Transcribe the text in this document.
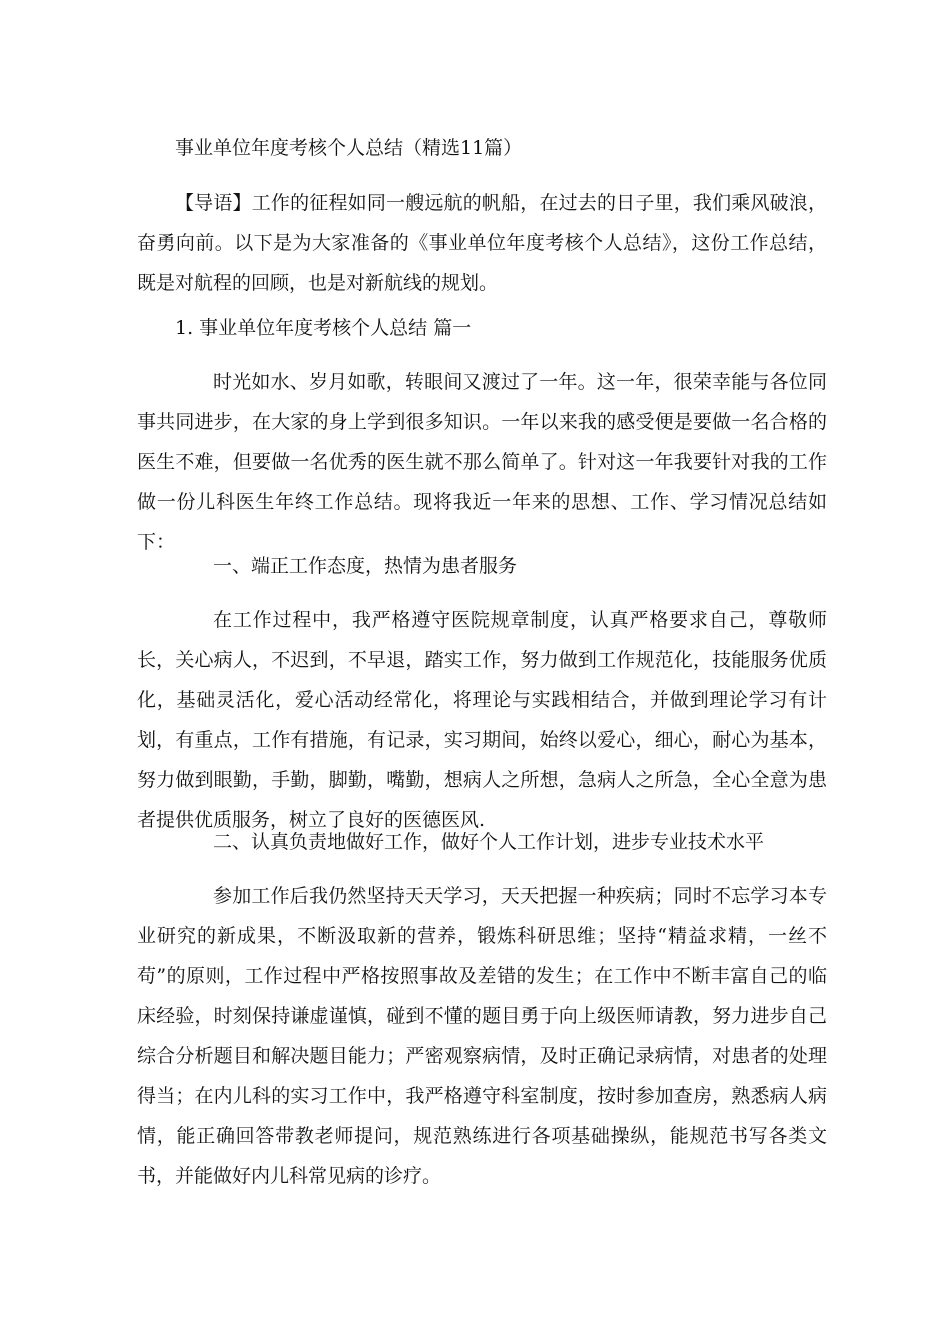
事业单位年度考核个人总结（精选11篇）

【导语】工作的征程如同一艘远航的帆船，在过去的日子里，我们乘风破浪，奋勇向前。以下是为大家准备的《事业单位年度考核个人总结》，这份工作总结，既是对航程的回顾，也是对新航线的规划。

1. 事业单位年度考核个人总结 篇一

时光如水、岁月如歌，转眼间又渡过了一年。这一年，很荣幸能与各位同事共同进步，在大家的身上学到很多知识。一年以来我的感受便是要做一名合格的医生不难，但要做一名优秀的医生就不那么简单了。针对这一年我要针对我的工作做一份儿科医生年终工作总结。现将我近一年来的思想、工作、学习情况总结如下：

一、端正工作态度，热情为患者服务

在工作过程中，我严格遵守医院规章制度，认真严格要求自己，尊敬师长，关心病人，不迟到，不早退，踏实工作，努力做到工作规范化，技能服务优质化，基础灵活化，爱心活动经常化，将理论与实践相结合，并做到理论学习有计划，有重点，工作有措施，有记录，实习期间，始终以爱心，细心，耐心为基本，努力做到眼勤，手勤，脚勤，嘴勤，想病人之所想，急病人之所急，全心全意为患者提供优质服务，树立了良好的医德医风.

二、认真负责地做好工作，做好个人工作计划，进步专业技术水平

参加工作后我仍然坚持天天学习，天天把握一种疾病；同时不忘学习本专业研究的新成果，不断汲取新的营养，锻炼科研思维；坚持“精益求精，一丝不苟”的原则，工作过程中严格按照事故及差错的发生；在工作中不断丰富自己的临床经验，时刻保持谦虚谨慎，碰到不懂的题目勇于向上级医师请教，努力进步自己综合分析题目和解决题目能力；严密观察病情，及时正确记录病情，对患者的处理得当；在内儿科的实习工作中，我严格遵守科室制度，按时参加查房，熟悉病人病情，能正确回答带教老师提问，规范熟练进行各项基础操纵，能规范书写各类文书，并能做好内儿科常见病的诊疗。
